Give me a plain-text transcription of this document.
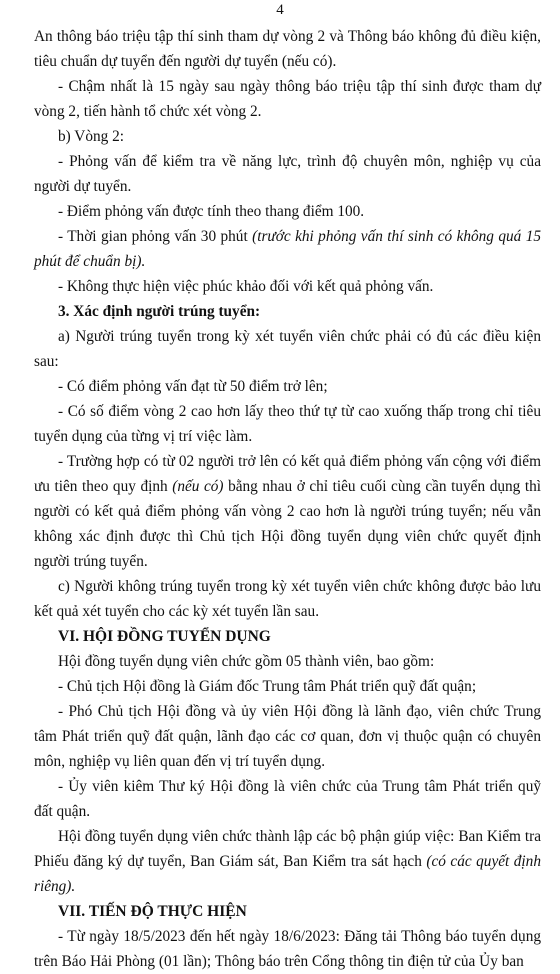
4

An thông báo triệu tập thí sinh tham dự vòng 2 và Thông báo không đủ điều kiện, tiêu chuẩn dự tuyển đến người dự tuyển (nếu có).

- Chậm nhất là 15 ngày sau ngày thông báo triệu tập thí sinh được tham dự vòng 2, tiến hành tổ chức xét vòng 2.

b) Vòng 2:

- Phỏng vấn để kiểm tra về năng lực, trình độ chuyên môn, nghiệp vụ của người dự tuyển.

- Điểm phỏng vấn được tính theo thang điểm 100.

- Thời gian phỏng vấn 30 phút (trước khi phỏng vấn thí sinh có không quá 15 phút để chuẩn bị).

- Không thực hiện việc phúc khảo đối với kết quả phỏng vấn.

3. Xác định người trúng tuyển:

a) Người trúng tuyển trong kỳ xét tuyển viên chức phải có đủ các điều kiện sau:

- Có điểm phỏng vấn đạt từ 50 điểm trở lên;

- Có số điểm vòng 2 cao hơn lấy theo thứ tự từ cao xuống thấp trong chỉ tiêu tuyển dụng của từng vị trí việc làm.

- Trường hợp có từ 02 người trở lên có kết quả điểm phỏng vấn cộng với điểm ưu tiên theo quy định (nếu có) bằng nhau ở chỉ tiêu cuối cùng cần tuyển dụng thì người có kết quả điểm phỏng vấn vòng 2 cao hơn là người trúng tuyển; nếu vẫn không xác định được thì Chủ tịch Hội đồng tuyển dụng viên chức quyết định người trúng tuyển.

c) Người không trúng tuyển trong kỳ xét tuyển viên chức không được bảo lưu kết quả xét tuyển cho các kỳ xét tuyển lần sau.

VI. HỘI ĐỒNG TUYỂN DỤNG

Hội đồng tuyển dụng viên chức gồm 05 thành viên, bao gồm:

- Chủ tịch Hội đồng là Giám đốc Trung tâm Phát triển quỹ đất quận;

- Phó Chủ tịch Hội đồng và ủy viên Hội đồng là lãnh đạo, viên chức Trung tâm Phát triển quỹ đất quận, lãnh đạo các cơ quan, đơn vị thuộc quận có chuyên môn, nghiệp vụ liên quan đến vị trí tuyển dụng.

- Ủy viên kiêm Thư ký Hội đồng là viên chức của Trung tâm Phát triển quỹ đất quận.

Hội đồng tuyển dụng viên chức thành lập các bộ phận giúp việc: Ban Kiểm tra Phiếu đăng ký dự tuyển, Ban Giám sát, Ban Kiểm tra sát hạch (có các quyết định riêng).

VII. TIẾN ĐỘ THỰC HIỆN

- Từ ngày 18/5/2023 đến hết ngày 18/6/2023: Đăng tải Thông báo tuyển dụng trên Báo Hải Phòng (01 lần); Thông báo trên Cổng thông tin điện tử của Ủy ban
